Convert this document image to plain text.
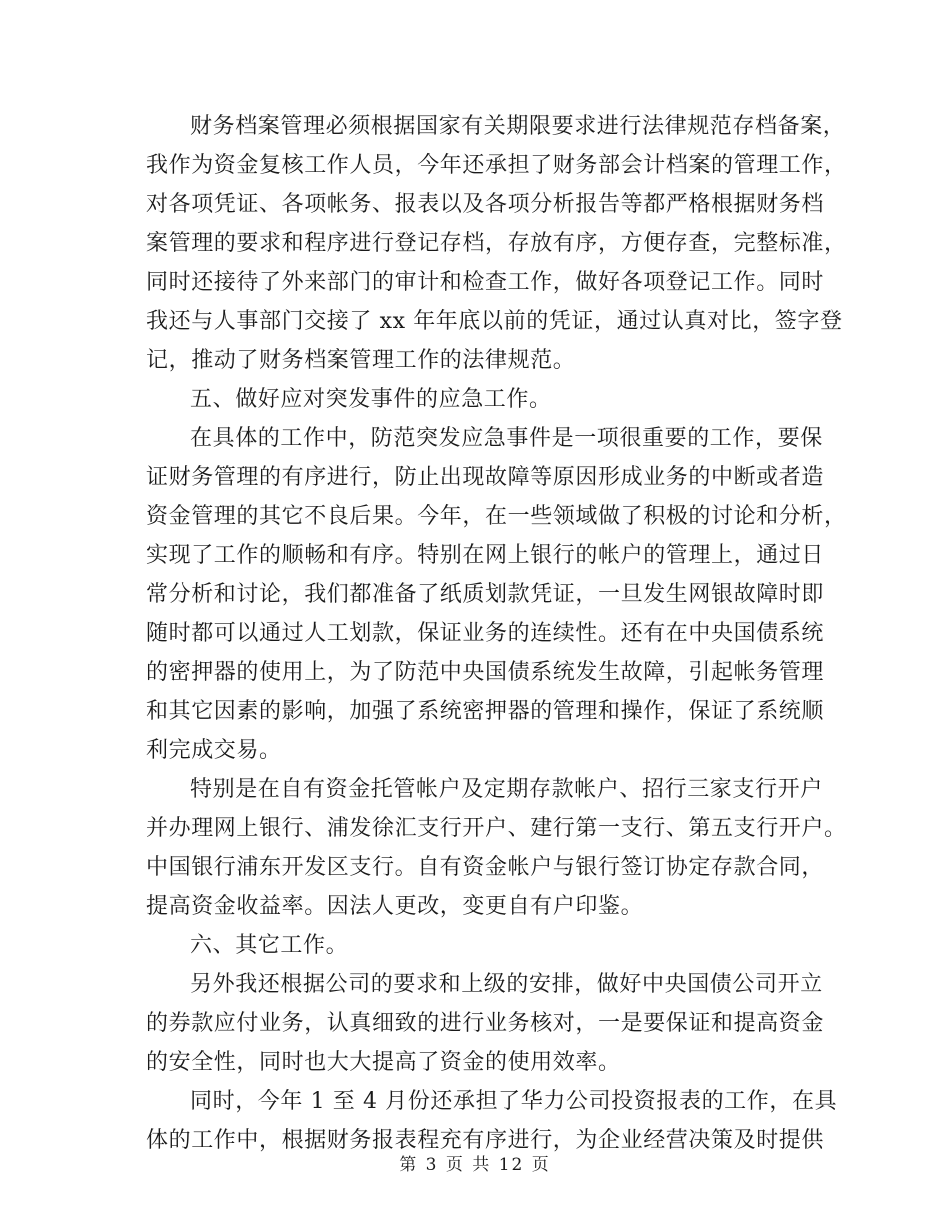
财务档案管理必须根据国家有关期限要求进行法律规范存档备案，
我作为资金复核工作人员，今年还承担了财务部会计档案的管理工作，
对各项凭证、各项帐务、报表以及各项分析报告等都严格根据财务档
案管理的要求和程序进行登记存档，存放有序，方便存查，完整标准，
同时还接待了外来部门的审计和检查工作，做好各项登记工作。同时
我还与人事部门交接了 xx 年年底以前的凭证，通过认真对比，签字登
记，推动了财务档案管理工作的法律规范。
五、做好应对突发事件的应急工作。
在具体的工作中，防范突发应急事件是一项很重要的工作，要保
证财务管理的有序进行，防止出现故障等原因形成业务的中断或者造
资金管理的其它不良后果。今年，在一些领域做了积极的讨论和分析，
实现了工作的顺畅和有序。特别在网上银行的帐户的管理上，通过日
常分析和讨论，我们都准备了纸质划款凭证，一旦发生网银故障时即
随时都可以通过人工划款，保证业务的连续性。还有在中央国债系统
的密押器的使用上，为了防范中央国债系统发生故障，引起帐务管理
和其它因素的影响，加强了系统密押器的管理和操作，保证了系统顺
利完成交易。
特别是在自有资金托管帐户及定期存款帐户、招行三家支行开户
并办理网上银行、浦发徐汇支行开户、建行第一支行、第五支行开户。
中国银行浦东开发区支行。自有资金帐户与银行签订协定存款合同，
提高资金收益率。因法人更改，变更自有户印鉴。
六、其它工作。
另外我还根据公司的要求和上级的安排，做好中央国债公司开立
的券款应付业务，认真细致的进行业务核对，一是要保证和提高资金
的安全性，同时也大大提高了资金的使用效率。
同时，今年 1 至 4 月份还承担了华力公司投资报表的工作，在具
体的工作中，根据财务报表程充有序进行，为企业经营决策及时提供
第 3 页 共 12 页
